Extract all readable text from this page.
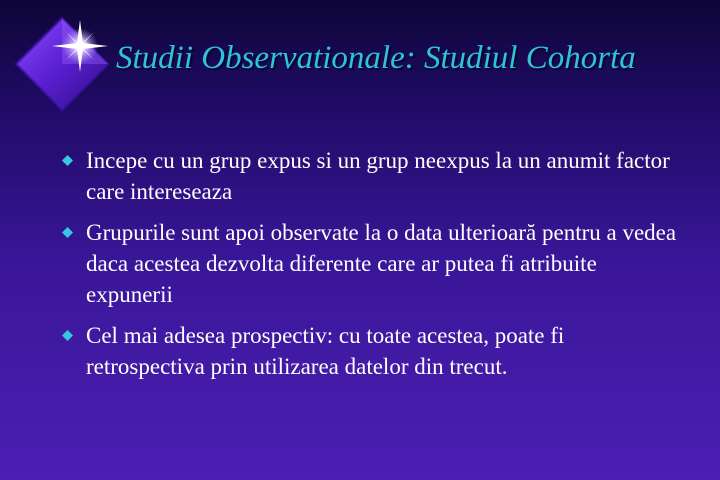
Studii Observationale: Studiul Cohorta
Incepe cu un grup expus si un grup neexpus la un anumit factor care intereseaza
Grupurile sunt apoi observate la o data ulterioară pentru a vedea daca acestea dezvolta diferente care ar putea fi atribuite expunerii
Cel mai adesea prospectiv: cu toate acestea, poate fi retrospectiva prin utilizarea datelor din trecut.
